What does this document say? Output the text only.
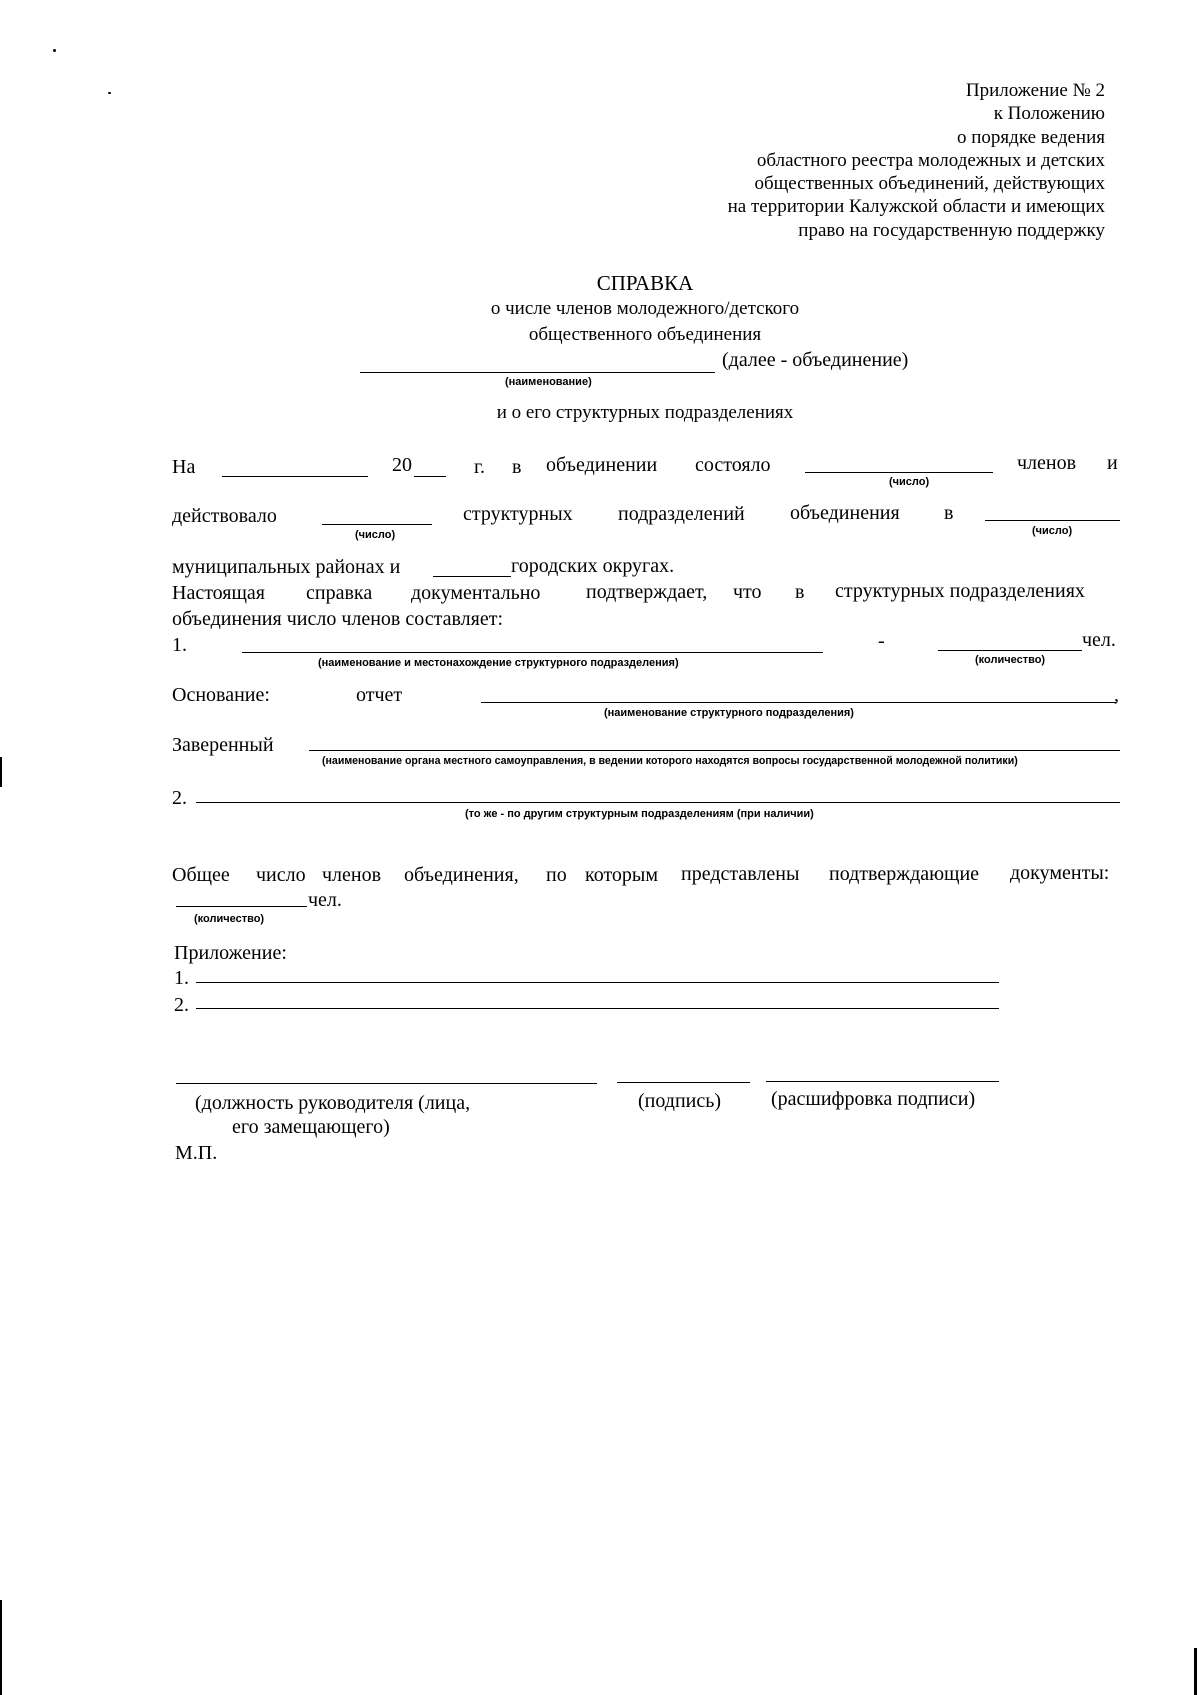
Приложение № 2
к Положению
о порядке ведения
областного реестра молодежных и детских
общественных объединений, действующих
на территории Калужской области и имеющих
право на государственную поддержку
СПРАВКА
о числе членов молодежного/детского
общественного объединения
(далее - объединение)
(наименование)
и о его структурных подразделениях
На	20	г. в объединении состояло
(число)
членов и
действовало
(число)
структурных подразделений объединения в
(число)
муниципальных районах и	городских округах.
Настоящая справка документально подтверждает, что в структурных подразделениях
объединения число членов составляет:
1.
(наименование и местонахождение структурного подразделения)
-
(количество)
чел.
Основание:	отчет	,
(наименование структурного подразделения)
Заверенный
(наименование органа местного самоуправления, в ведении которого находятся вопросы государственной молодежной политики)
2.
(то же - по другим структурным подразделениям (при наличии)
Общее число членов объединения, по которым представлены подтверждающие документы:
чел.
(количество)
Приложение:
1.
2.
(должность руководителя (лица,
его замещающего)
(подпись) (расшифровка подписи)
М.П.
